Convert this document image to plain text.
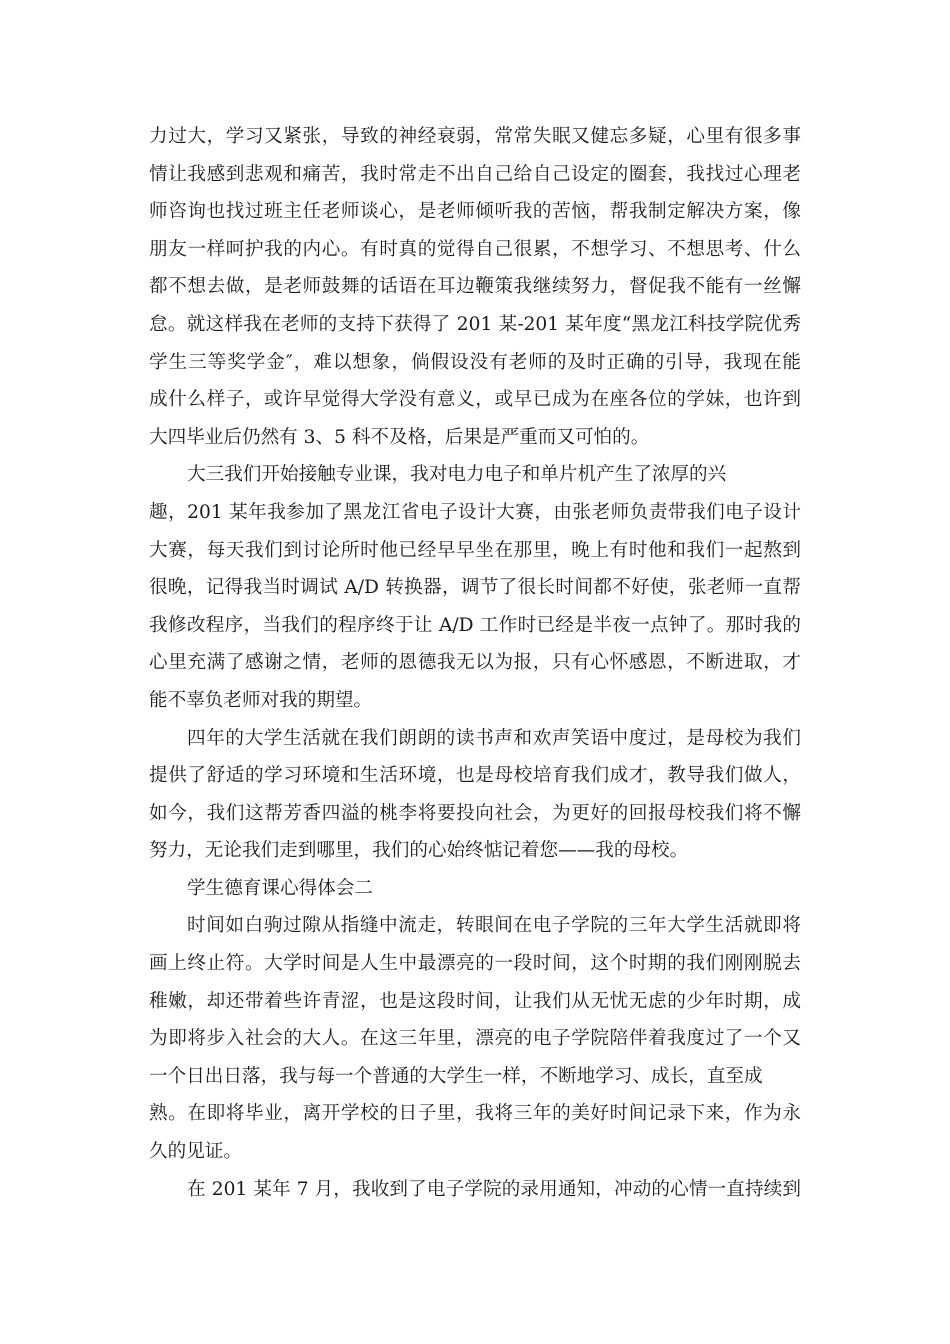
力过大，学习又紧张，导致的神经衰弱，常常失眠又健忘多疑，心里有很多事
情让我感到悲观和痛苦，我时常走不出自己给自己设定的圈套，我找过心理老
师咨询也找过班主任老师谈心，是老师倾听我的苦恼，帮我制定解决方案，像
朋友一样呵护我的内心。有时真的觉得自己很累，不想学习、不想思考、什么
都不想去做，是老师鼓舞的话语在耳边鞭策我继续努力，督促我不能有一丝懈
怠。就这样我在老师的支持下获得了 201 某-201 某年度“黑龙江科技学院优秀
学生三等奖学金″，难以想象，倘假设没有老师的及时正确的引导，我现在能
成什么样子，或许早觉得大学没有意义，或早已成为在座各位的学妹，也许到
大四毕业后仍然有 3、5 科不及格，后果是严重而又可怕的。
大三我们开始接触专业课，我对电力电子和单片机产生了浓厚的兴
趣，201 某年我参加了黑龙江省电子设计大赛，由张老师负责带我们电子设计
大赛，每天我们到讨论所时他已经早早坐在那里，晚上有时他和我们一起熬到
很晚，记得我当时调试 A/D 转换器，调节了很长时间都不好使，张老师一直帮
我修改程序，当我们的程序终于让 A/D 工作时已经是半夜一点钟了。那时我的
心里充满了感谢之情，老师的恩德我无以为报，只有心怀感恩，不断进取，才
能不辜负老师对我的期望。
四年的大学生活就在我们朗朗的读书声和欢声笑语中度过，是母校为我们
提供了舒适的学习环境和生活环境，也是母校培育我们成才，教导我们做人，
如今，我们这帮芳香四溢的桃李将要投向社会，为更好的回报母校我们将不懈
努力，无论我们走到哪里，我们的心始终惦记着您——我的母校。
学生德育课心得体会二
时间如白驹过隙从指缝中流走，转眼间在电子学院的三年大学生活就即将
画上终止符。大学时间是人生中最漂亮的一段时间，这个时期的我们刚刚脱去
稚嫩，却还带着些许青涩，也是这段时间，让我们从无忧无虑的少年时期，成
为即将步入社会的大人。在这三年里，漂亮的电子学院陪伴着我度过了一个又
一个日出日落，我与每一个普通的大学生一样，不断地学习、成长，直至成
熟。在即将毕业，离开学校的日子里，我将三年的美好时间记录下来，作为永
久的见证。
在 201 某年 7 月，我收到了电子学院的录用通知，冲动的心情一直持续到
